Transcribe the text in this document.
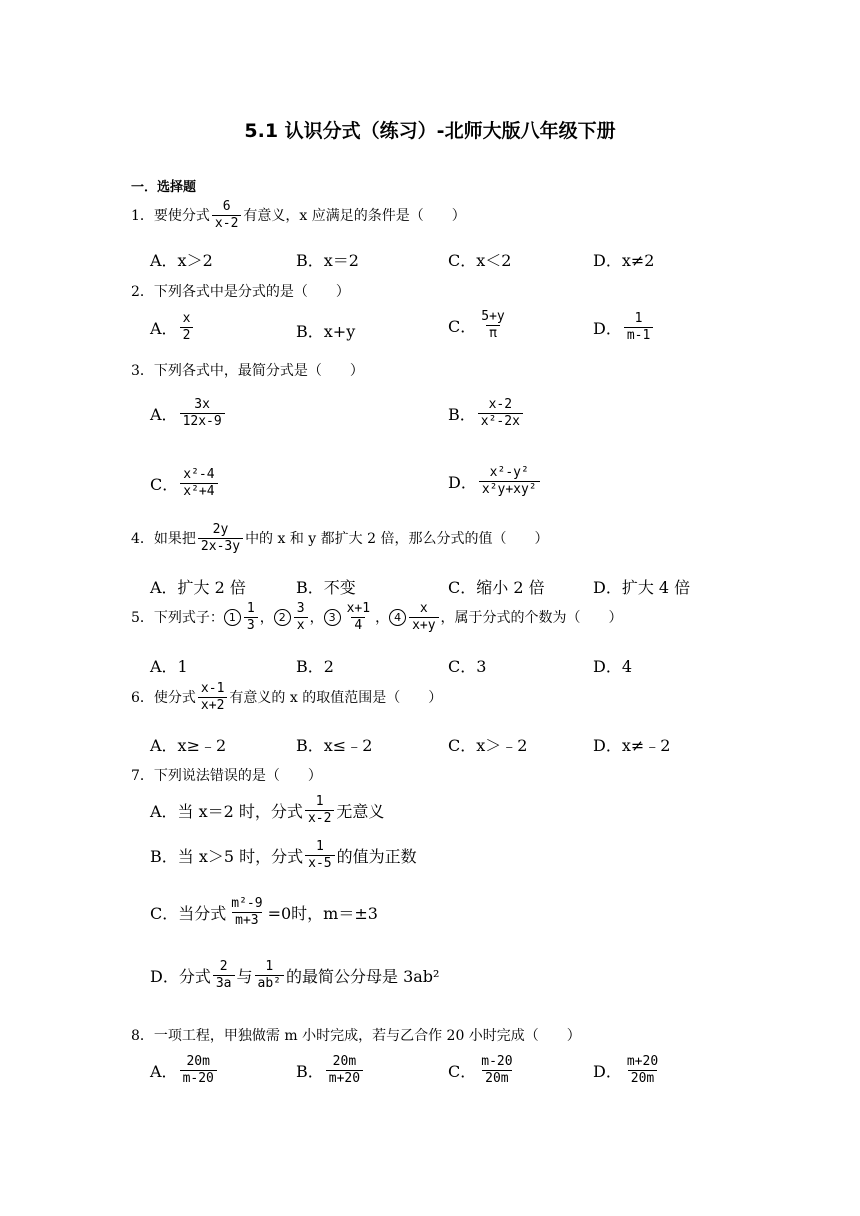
5.1 认识分式（练习）-北师大版八年级下册
一．选择题
1．要使分式 $\frac{6}{x-2}$ 有意义，x 应满足的条件是（　　）
A．x＞2	B．x＝2	C．x＜2	D．x≠2
2．下列各式中是分式的是（　　）
A． $\frac{x}{2}$	B．x+y	C． $\frac{5+y}{\pi}$	D． $\frac{1}{m-1}$
3．下列各式中，最简分式是（　　）
A． $\frac{3x}{12x-9}$	B． $\frac{x-2}{\text{x²-2x}}$
C． $\frac{\text{x²-4}}{\text{x²+4}}$	D． $\frac{\text{x²-y²}}{\text{x²y+xy²}}$
4．如果把 $\frac{2y}{2x-3y}$ 中的 x 和 y 都扩大 2 倍，那么分式的值（　　）
A．扩大 2 倍	B．不变	C．缩小 2 倍	D．扩大 4 倍
5．下列式子： $1 \frac{1}{3}$ ， $2 \frac{3}{x}$ ， $3 \frac{x+1}{4}$ ， $4 \frac{x}{x+y}$ ，属于分式的个数为（　　）
A．1	B．2	C．3	D．4
6．使分式 $\frac{x-1}{x+2}$ 有意义的 x 的取值范围是（　　）
A．x≥﹣2	B．x≤﹣2	C．x＞﹣2	D．x≠﹣2
7．下列说法错误的是（　　）
A．当 x＝2 时，分式 $\frac{1}{x-2}$ 无意义
B．当 x＞5 时，分式 $\frac{1}{x-5}$ 的值为正数
C．当分式 $\frac{\text{m²-9}}{m+3} =0$时，m＝±3
D．分式 $\frac{2}{3a}$ 与 $\frac{1}{\text{ab²}}$ 的最简公分母是 3ab²
8．一项工程，甲独做需 m 小时完成，若与乙合作 20 小时完成（　　）
A． $\frac{20m}{m-20}$	B． $\frac{20m}{m+20}$	C． $\frac{m-20}{20m}$	D． $\frac{m+20}{20m}$
